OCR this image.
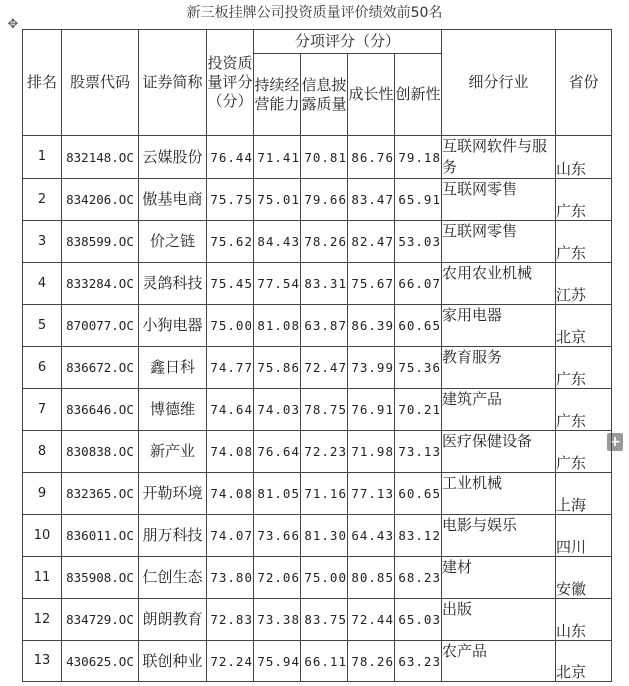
新三板挂牌公司投资质量评价绩效前50名
✥
+
排名	股票代码	证券简称	投资质量评分（分）	分项评分（分）				细分行业	省份
				持续经营能力	信息披露质量	成长性	创新性		
1	832148.OC	云媒股份	76.44	71.41	70.81	86.76	79.18	互联网软件与服务	山东
2	834206.OC	傲基电商	75.75	75.01	79.66	83.47	65.91	互联网零售	广东
3	838599.OC	价之链	75.62	84.43	78.26	82.47	53.03	互联网零售	广东
4	833284.OC	灵鸽科技	75.45	77.54	83.31	75.67	66.07	农用农业机械	江苏
5	870077.OC	小狗电器	75.00	81.08	63.87	86.39	60.65	家用电器	北京
6	836672.OC	鑫日科	74.77	75.86	72.47	73.99	75.36	教育服务	广东
7	836646.OC	博德维	74.64	74.03	78.75	76.91	70.21	建筑产品	广东
8	830838.OC	新产业	74.08	76.64	72.23	71.98	73.13	医疗保健设备	广东
9	832365.OC	开勒环境	74.08	81.05	71.16	77.13	60.65	工业机械	上海
10	836011.OC	朋万科技	74.07	73.66	81.30	64.43	83.12	电影与娱乐	四川
11	835908.OC	仁创生态	73.80	72.06	75.00	80.85	68.23	建材	安徽
12	834729.OC	朗朗教育	72.83	73.38	83.75	72.44	65.03	出版	山东
13	430625.OC	联创种业	72.24	75.94	66.11	78.26	63.23	农产品	北京
